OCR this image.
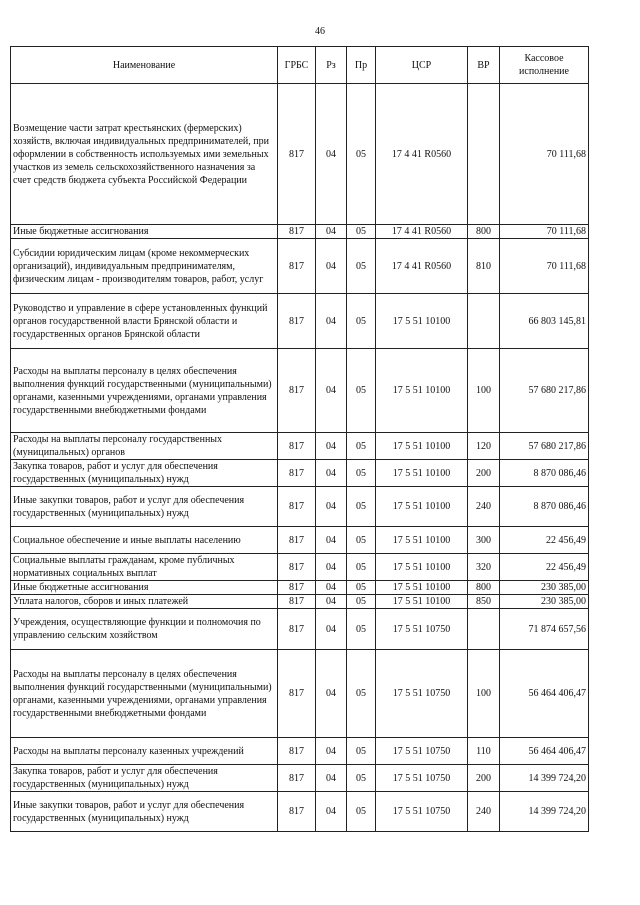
46
Наименование	ГРБС	Рз	Пр	ЦСР	ВР	Кассовое исполнение
Возмещение части затрат крестьянских (фермерских) хозяйств, включая индивидуальных предпринимателей, при оформлении в собственность используемых ими земельных участков из земель сельскохозяйственного назначения за счет средств бюджета субъекта Российской Федерации	817	04	05	17 4 41 R0560		70 111,68
Иные бюджетные ассигнования	817	04	05	17 4 41 R0560	800	70 111,68
Субсидии юридическим лицам (кроме некоммерческих организаций), индивидуальным предпринимателям, физическим лицам - производителям товаров, работ, услуг	817	04	05	17 4 41 R0560	810	70 111,68
Руководство и управление в сфере установленных функций органов государственной власти Брянской области и государственных органов Брянской области	817	04	05	17 5 51 10100		66 803 145,81
Расходы на выплаты персоналу в целях обеспечения выполнения функций государственными (муниципальными) органами, казенными учреждениями, органами управления государственными внебюджетными фондами	817	04	05	17 5 51 10100	100	57 680 217,86
Расходы на выплаты персоналу государственных (муниципальных) органов	817	04	05	17 5 51 10100	120	57 680 217,86
Закупка товаров, работ и услуг для обеспечения государственных (муниципальных) нужд	817	04	05	17 5 51 10100	200	8 870 086,46
Иные закупки товаров, работ и услуг для обеспечения государственных (муниципальных) нужд	817	04	05	17 5 51 10100	240	8 870 086,46
Социальное обеспечение и иные выплаты населению	817	04	05	17 5 51 10100	300	22 456,49
Социальные выплаты гражданам, кроме публичных нормативных социальных выплат	817	04	05	17 5 51 10100	320	22 456,49
Иные бюджетные ассигнования	817	04	05	17 5 51 10100	800	230 385,00
Уплата налогов, сборов и иных платежей	817	04	05	17 5 51 10100	850	230 385,00
Учреждения, осуществляющие функции и полномочия по управлению сельским хозяйством	817	04	05	17 5 51 10750		71 874 657,56
Расходы на выплаты персоналу в целях обеспечения выполнения функций государственными (муниципальными) органами, казенными учреждениями, органами управления государственными внебюджетными фондами	817	04	05	17 5 51 10750	100	56 464 406,47
Расходы на выплаты персоналу казенных учреждений	817	04	05	17 5 51 10750	110	56 464 406,47
Закупка товаров, работ и услуг для обеспечения государственных (муниципальных) нужд	817	04	05	17 5 51 10750	200	14 399 724,20
Иные закупки товаров, работ и услуг для обеспечения государственных (муниципальных) нужд	817	04	05	17 5 51 10750	240	14 399 724,20
